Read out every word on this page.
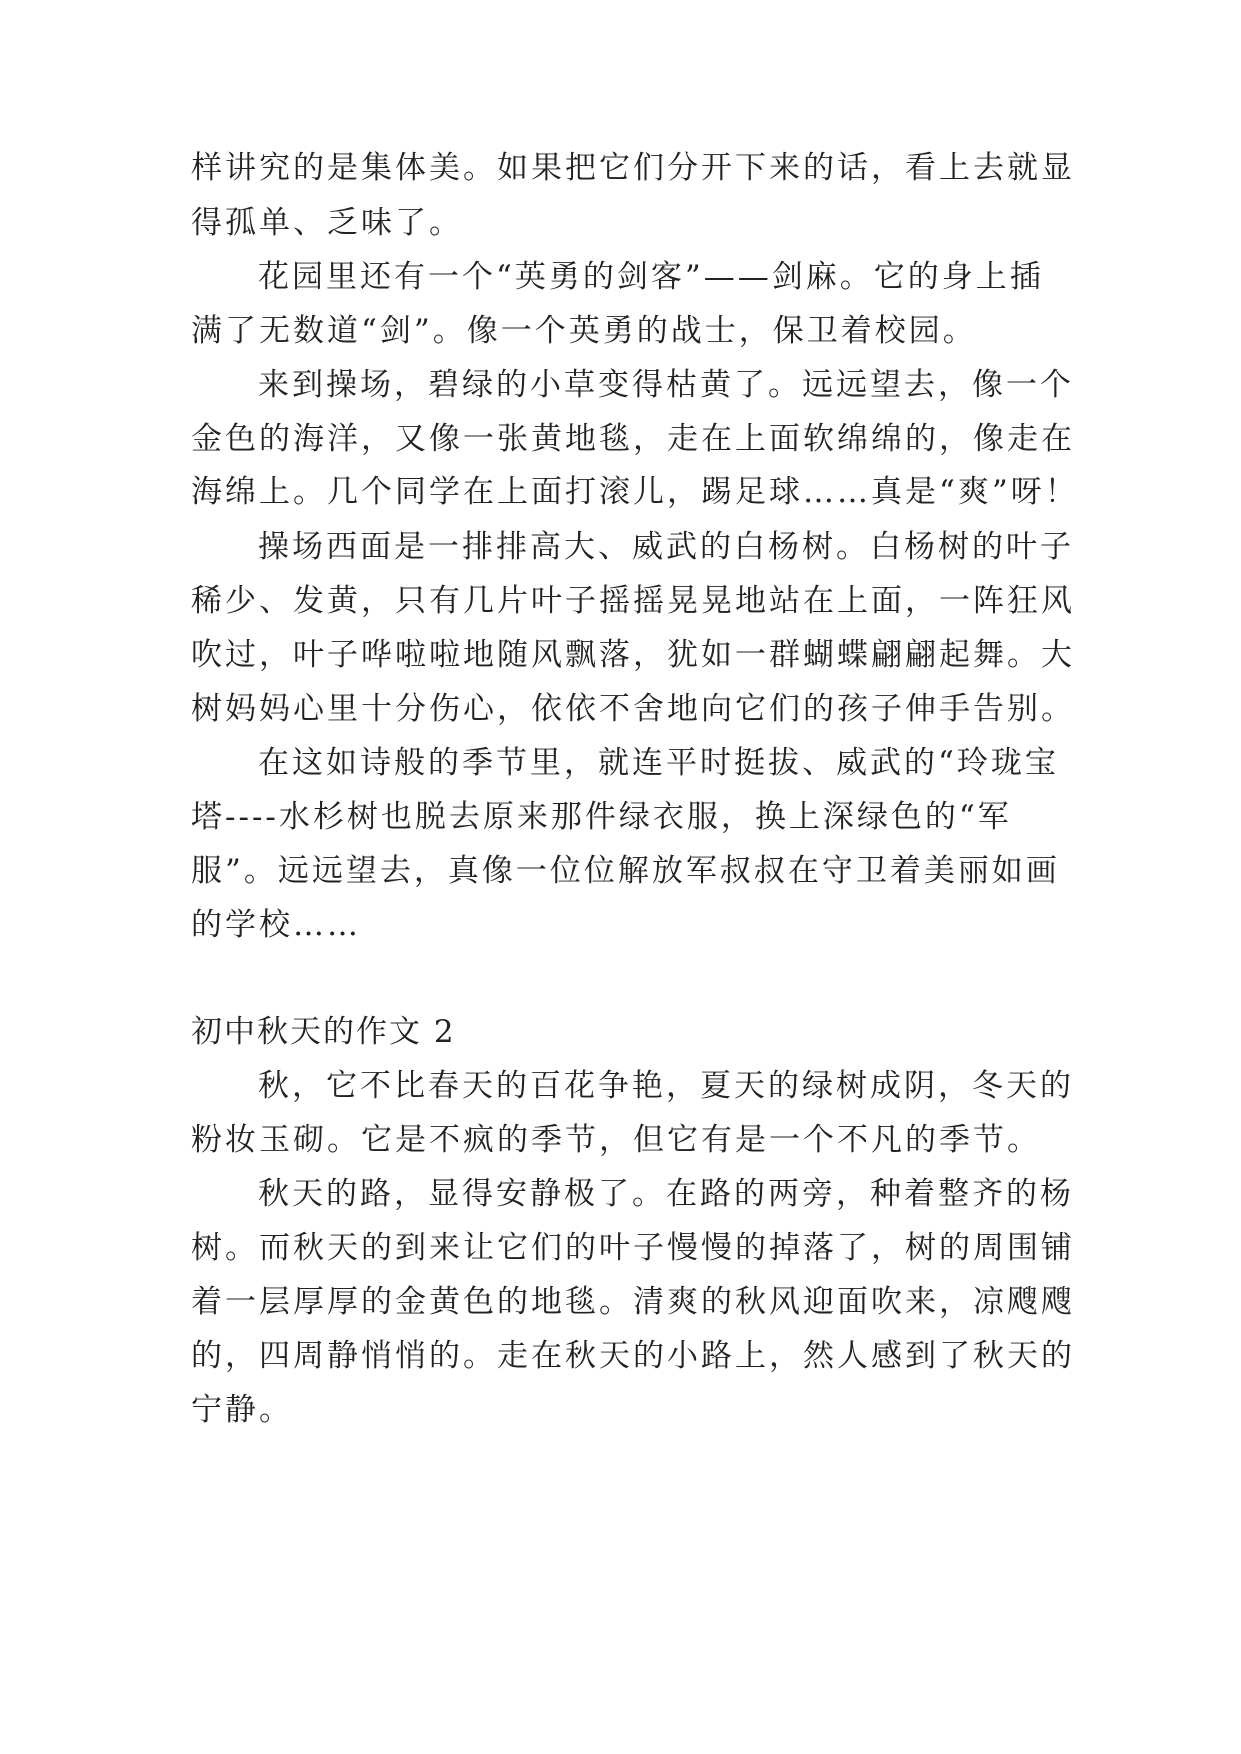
样讲究的是集体美。如果把它们分开下来的话，看上去就显

得孤单、乏味了。

花园里还有一个“英勇的剑客”——剑麻。它的身上插

满了无数道“剑”。像一个英勇的战士，保卫着校园。

来到操场，碧绿的小草变得枯黄了。远远望去，像一个

金色的海洋，又像一张黄地毯，走在上面软绵绵的，像走在

海绵上。几个同学在上面打滚儿，踢足球……真是“爽”呀！

操场西面是一排排高大、威武的白杨树。白杨树的叶子

稀少、发黄，只有几片叶子摇摇晃晃地站在上面，一阵狂风

吹过，叶子哗啦啦地随风飘落，犹如一群蝴蝶翩翩起舞。大

树妈妈心里十分伤心，依依不舍地向它们的孩子伸手告别。

在这如诗般的季节里，就连平时挺拔、威武的“玲珑宝

塔----水杉树也脱去原来那件绿衣服，换上深绿色的“军

服”。远远望去，真像一位位解放军叔叔在守卫着美丽如画

的学校……

初中秋天的作文 2

秋，它不比春天的百花争艳，夏天的绿树成阴，冬天的

粉妆玉砌。它是不疯的季节，但它有是一个不凡的季节。

秋天的路，显得安静极了。在路的两旁，种着整齐的杨

树。而秋天的到来让它们的叶子慢慢的掉落了，树的周围铺

着一层厚厚的金黄色的地毯。清爽的秋风迎面吹来，凉飕飕

的，四周静悄悄的。走在秋天的小路上，然人感到了秋天的

宁静。
